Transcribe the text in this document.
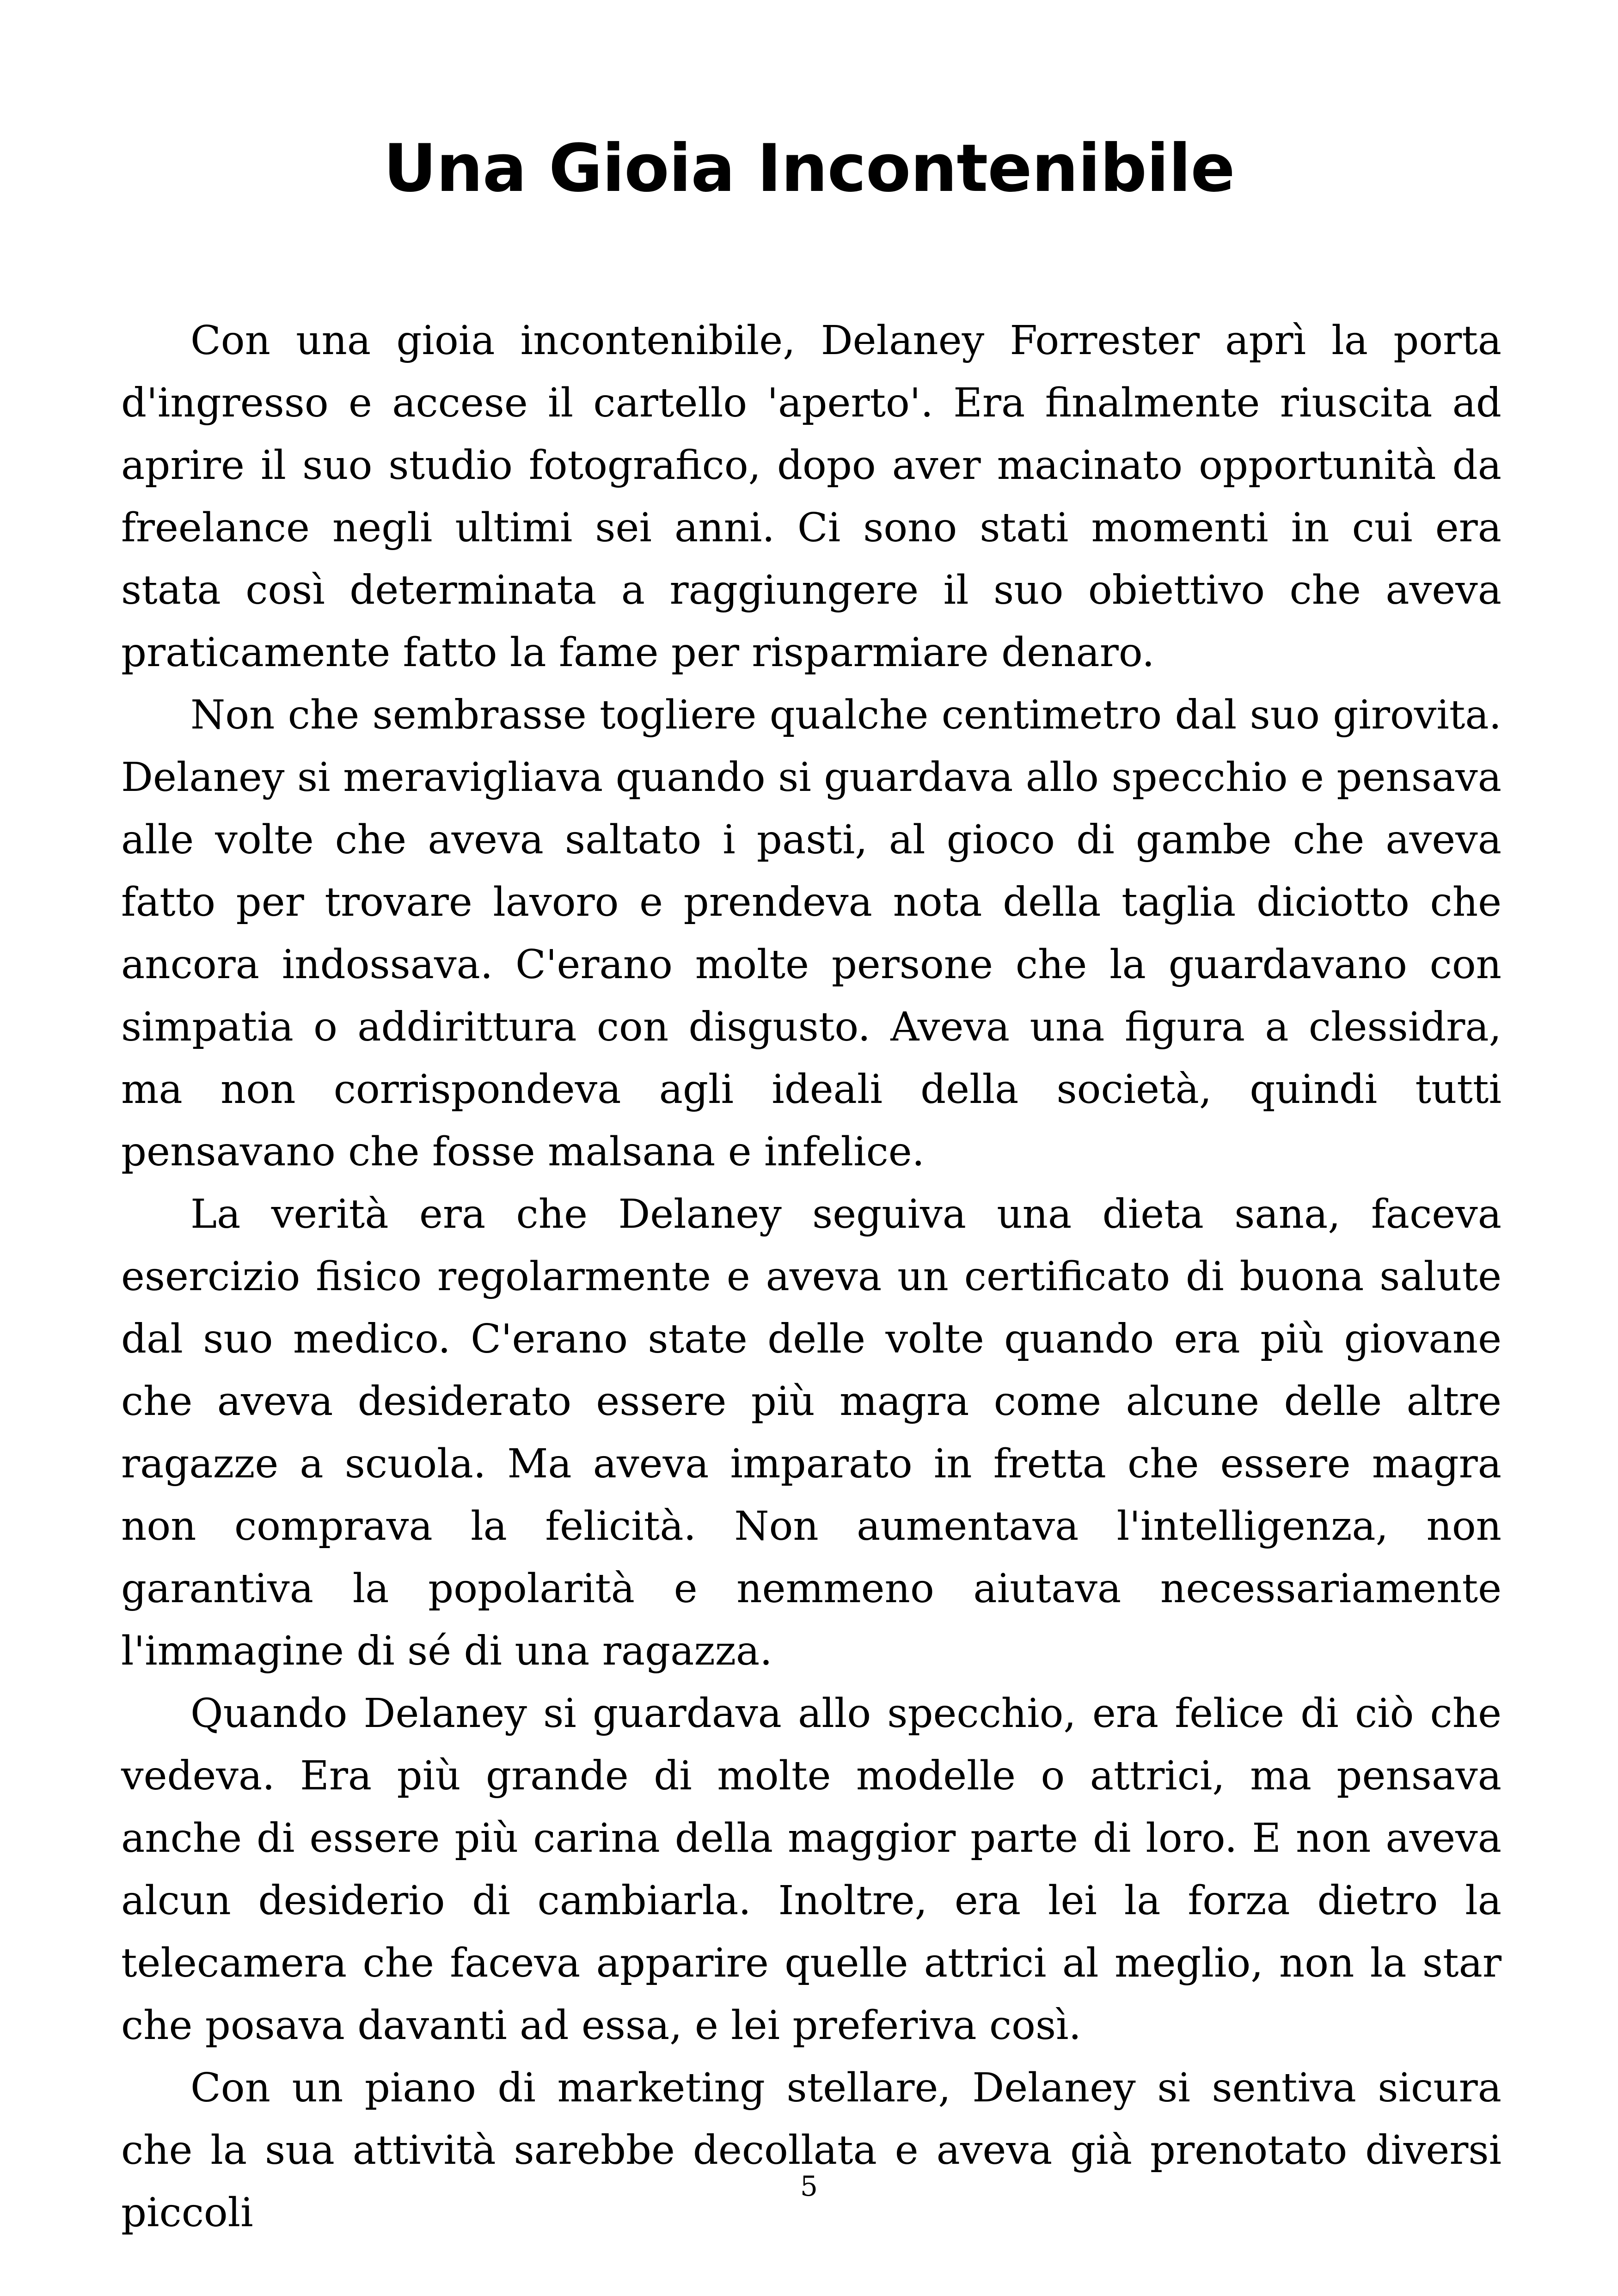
Una Gioia Incontenibile

Con una gioia incontenibile, Delaney Forrester aprì la porta d'ingresso e accese il cartello 'aperto'. Era finalmente riuscita ad aprire il suo studio fotografico, dopo aver macinato opportunità da freelance negli ultimi sei anni. Ci sono stati momenti in cui era stata così determinata a raggiungere il suo obiettivo che aveva praticamente fatto la fame per risparmiare denaro.

Non che sembrasse togliere qualche centimetro dal suo girovita. Delaney si meravigliava quando si guardava allo specchio e pensava alle volte che aveva saltato i pasti, al gioco di gambe che aveva fatto per trovare lavoro e prendeva nota della taglia diciotto che ancora indossava. C'erano molte persone che la guardavano con simpatia o addirittura con disgusto. Aveva una figura a clessidra, ma non corrispondeva agli ideali della società, quindi tutti pensavano che fosse malsana e infelice.

La verità era che Delaney seguiva una dieta sana, faceva esercizio fisico regolarmente e aveva un certificato di buona salute dal suo medico. C'erano state delle volte quando era più giovane che aveva desiderato essere più magra come alcune delle altre ragazze a scuola. Ma aveva imparato in fretta che essere magra non comprava la felicità. Non aumentava l'intelligenza, non garantiva la popolarità e nemmeno aiutava necessariamente l'immagine di sé di una ragazza.

Quando Delaney si guardava allo specchio, era felice di ciò che vedeva. Era più grande di molte modelle o attrici, ma pensava anche di essere più carina della maggior parte di loro. E non aveva alcun desiderio di cambiarla. Inoltre, era lei la forza dietro la telecamera che faceva apparire quelle attrici al meglio, non la star che posava davanti ad essa, e lei preferiva così.

Con un piano di marketing stellare, Delaney si sentiva sicura che la sua attività sarebbe decollata e aveva già prenotato diversi piccoli

5
